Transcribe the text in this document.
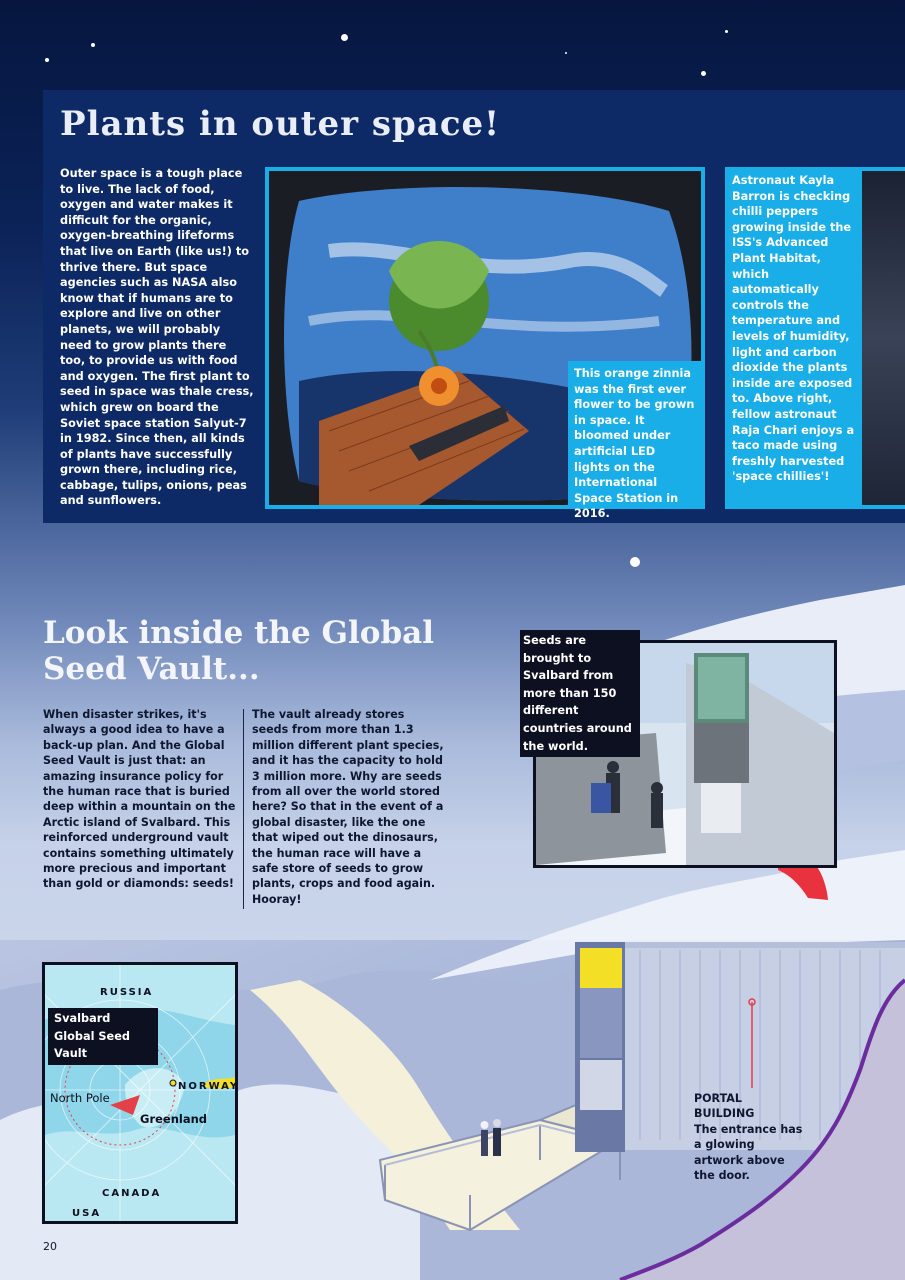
Plants in outer space!

Outer space is a tough place to live. The lack of food, oxygen and water makes it difficult for the organic, oxygen-breathing lifeforms that live on Earth (like us!) to thrive there. But space agencies such as NASA also know that if humans are to explore and live on other planets, we will probably need to grow plants there too, to provide us with food and oxygen. The first plant to seed in space was thale cress, which grew on board the Soviet space station Salyut-7 in 1982. Since then, all kinds of plants have successfully grown there, including rice, cabbage, tulips, onions, peas and sunflowers.

This orange zinnia was the first ever flower to be grown in space. It bloomed under artificial LED lights on the International Space Station in 2016.
Astronaut Kayla Barron is checking chilli peppers growing inside the ISS's Advanced Plant Habitat, which automatically controls the temperature and levels of humidity, light and carbon dioxide the plants inside are exposed to. Above right, fellow astronaut Raja Chari enjoys a taco made using freshly harvested 'space chillies'!
Look inside the Global Seed Vault...

When disaster strikes, it's always a good idea to have a back-up plan. And the Global Seed Vault is just that: an amazing insurance policy for the human race that is buried deep within a mountain on the Arctic island of Svalbard. This reinforced underground vault contains something ultimately more precious and important than gold or diamonds: seeds!

The vault already stores seeds from more than 1.3 million different plant species, and it has the capacity to hold 3 million more. Why are seeds from all over the world stored here? So that in the event of a global disaster, like the one that wiped out the dinosaurs, the human race will have a safe store of seeds to grow plants, crops and food again. Hooray!

Seeds are brought to Svalbard from more than 150 different countries around the world.
RUSSIA
NORWAY
CANADA
USA
North Pole
Greenland
Svalbard Global Seed Vault

PORTAL BUILDING
The entrance has a glowing artwork above the door.

20
